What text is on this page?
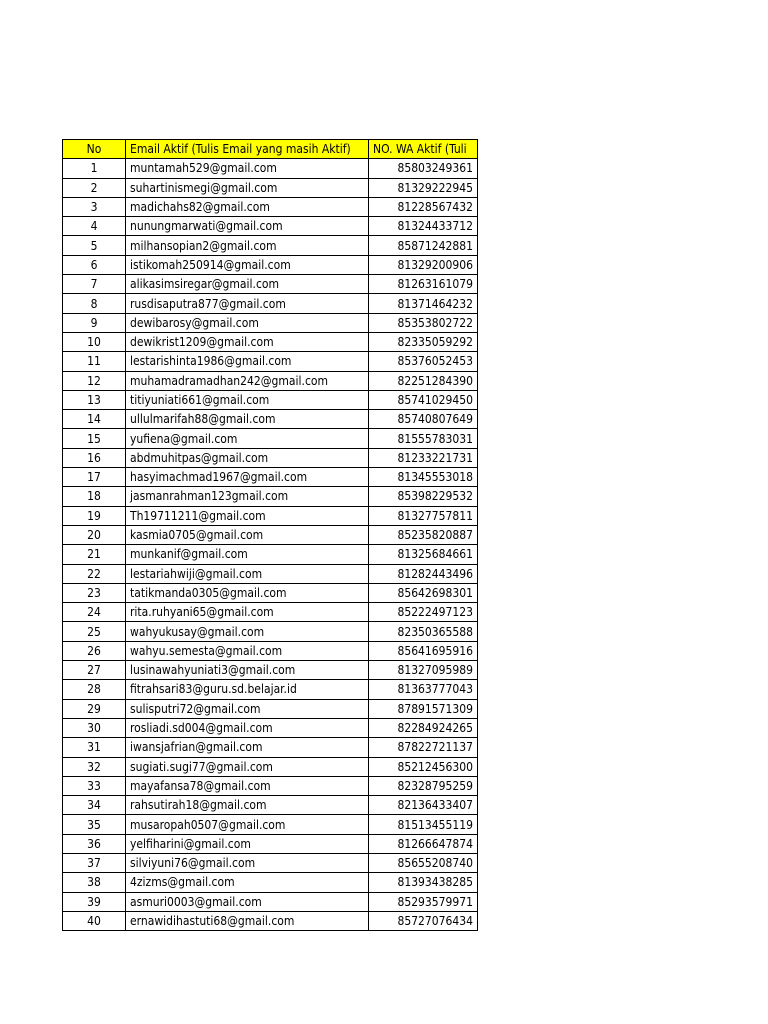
No	Email Aktif (Tulis Email yang masih Aktif)	NO. WA Aktif (Tuli
1	muntamah529@gmail.com	85803249361
2	suhartinismegi@gmail.com	81329222945
3	madichahs82@gmail.com	81228567432
4	nunungmarwati@gmail.com	81324433712
5	milhansopian2@gmail.com	85871242881
6	istikomah250914@gmail.com	81329200906
7	alikasimsiregar@gmail.com	81263161079
8	rusdisaputra877@gmail.com	81371464232
9	dewibarosy@gmail.com	85353802722
10	dewikrist1209@gmail.com	82335059292
11	lestarishinta1986@gmail.com	85376052453
12	muhamadramadhan242@gmail.com	82251284390
13	titiyuniati661@gmail.com	85741029450
14	ullulmarifah88@gmail.com	85740807649
15	yufiena@gmail.com	81555783031
16	abdmuhitpas@gmail.com	81233221731
17	hasyimachmad1967@gmail.com	81345553018
18	jasmanrahman123gmail.com	85398229532
19	Th19711211@gmail.com	81327757811
20	kasmia0705@gmail.com	85235820887
21	munkanif@gmail.com	81325684661
22	lestariahwiji@gmail.com	81282443496
23	tatikmanda0305@gmail.com	85642698301
24	rita.ruhyani65@gmail.com	85222497123
25	wahyukusay@gmail.com	82350365588
26	wahyu.semesta@gmail.com	85641695916
27	lusinawahyuniati3@gmail.com	81327095989
28	fitrahsari83@guru.sd.belajar.id	81363777043
29	sulisputri72@gmail.com	87891571309
30	rosliadi.sd004@gmail.com	82284924265
31	iwansjafrian@gmail.com	87822721137
32	sugiati.sugi77@gmail.com	85212456300
33	mayafansa78@gmail.com	82328795259
34	rahsutirah18@gmail.com	82136433407
35	musaropah0507@gmail.com	81513455119
36	yelfiharini@gmail.com	81266647874
37	silviyuni76@gmail.com	85655208740
38	4zizms@gmail.com	81393438285
39	asmuri0003@gmail.com	85293579971
40	ernawidihastuti68@gmail.com	85727076434
